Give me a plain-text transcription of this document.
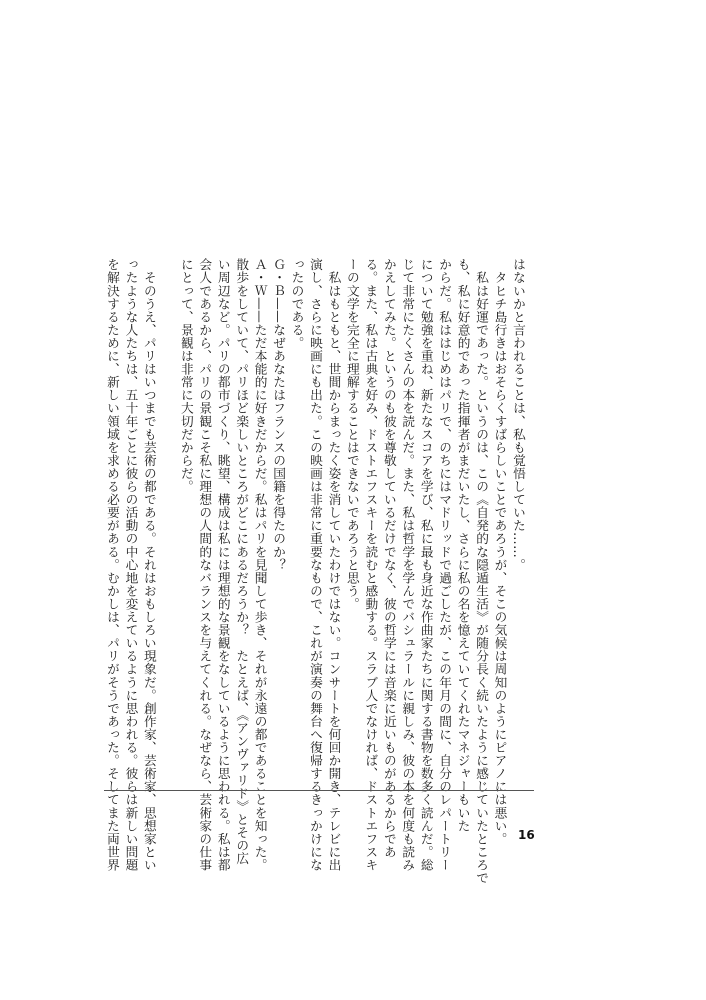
はないかと言われることは、私も覚悟していた……。
　タヒチ島行きはおそらくすばらしいことであろうが、そこの気候は周知のようにピアノには悪い。
　私は好運であった。というのは、この《自発的な隠遁生活》が随分長く続いたように感じていたところで
も、私に好意的であった指揮者がまだいたし、さらに私の名を憶えていてくれたマネジャーもいた
からだ。私ははじめはパリで、のちにはマドリッドで過ごしたが、この年月の間に、自分のレパートリー
について勉強を重ね、新たなスコアを学び、私に最も身近な作曲家たちに関する書物を数多く読んだ。総
じて非常にたくさんの本を読んだ。また、私は哲学を学んでバシュラールに親しみ、彼の本を何度も読み
かえしてみた。というのも彼を尊敬しているだけでなく、彼の哲学には音楽に近いものがあるからであ
る。また、私は古典を好み、ドストエフスキーを読むと感動する。スラブ人でなければ、ドストエフスキ
ーの文学を完全に理解することはできないであろうと思う。
　私はもともと、世間からまったく姿を消していたわけではない。コンサートを何回か開き、テレビに出
演し、さらに映画にも出た。この映画は非常に重要なもので、これが演奏の舞台へ復帰するきっかけにな
ったのである。
Ｇ・Ｂ——なぜあなたはフランスの国籍を得たのか？
Ａ・Ｗ——ただ本能的に好きだからだ。私はパリを見聞して歩き、それが永遠の都であることを知った。
散歩をしていて、パリほど楽しいところがどこにあるだろうか？　たとえば、《アンヴァリド》とその広
い周辺など。パリの都市づくり、眺望、構成は私には理想的な景観をなしているように思われる。私は都
会人であるから、パリの景観こそ私に理想の人間的なバランスを与えてくれる。なぜなら、芸術家の仕事
にとって、景観は非常に大切だからだ。
　そのうえ、パリはいつまでも芸術の都である。それはおもしろい現象だ。創作家、芸術家、思想家とい
ったような人たちは、五十年ごとに彼らの活動の中心地を変えているように思われる。彼らは新しい問題
を解決するために、新しい領域を求める必要がある。むかしは、パリがそうであった。そしてまた両世界	16
